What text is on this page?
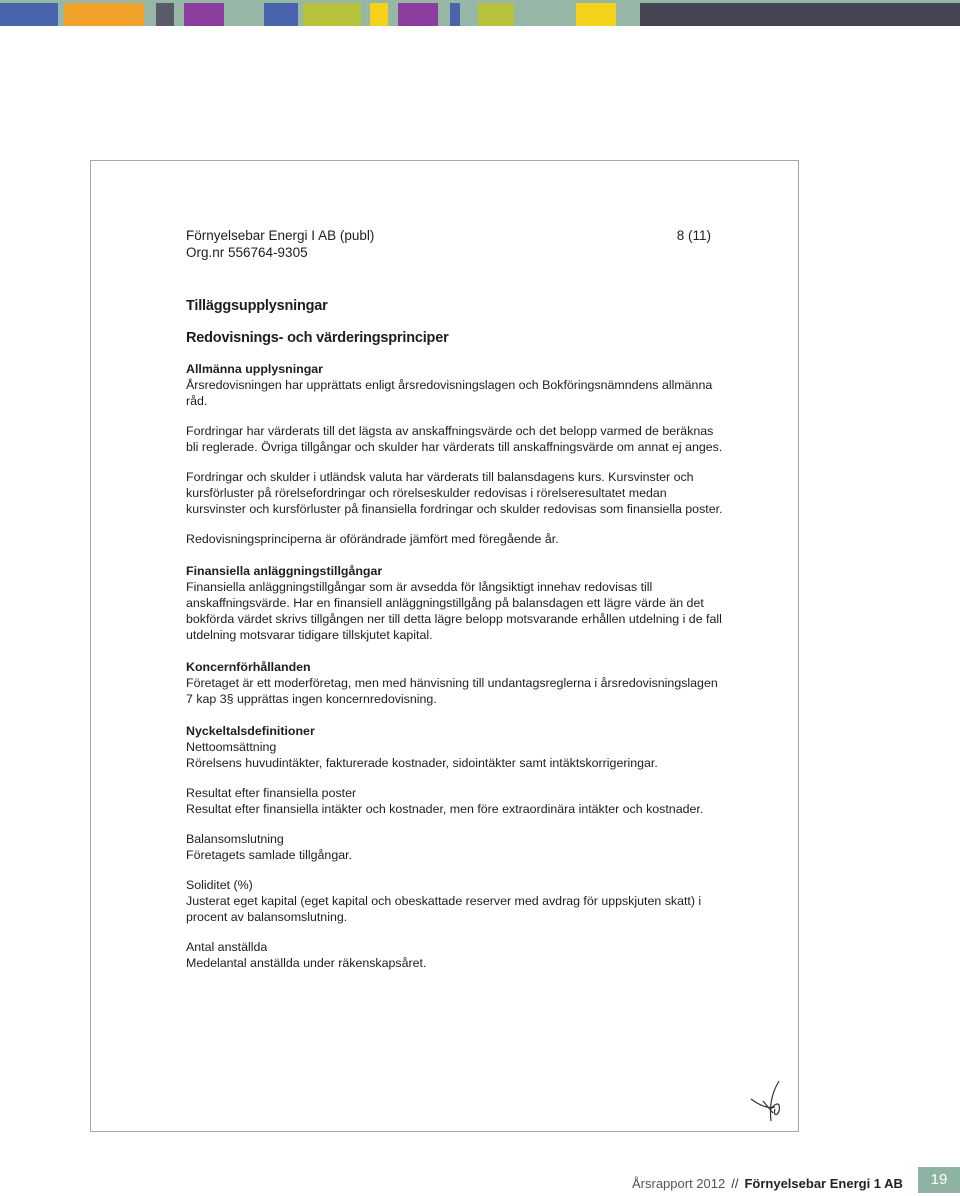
8 (11)
Förnyelsebar Energi I AB (publ)
Org.nr 556764-9305
Tilläggsupplysningar
Redovisnings- och värderingsprinciper
Allmänna upplysningar

Årsredovisningen har upprättats enligt årsredovisningslagen och Bokföringsnämndens allmänna råd.

Fordringar har värderats till det lägsta av anskaffningsvärde och det belopp varmed de beräknas bli reglerade. Övriga tillgångar och skulder har värderats till anskaffningsvärde om annat ej anges.

Fordringar och skulder i utländsk valuta har värderats till balansdagens kurs. Kursvinster och kursförluster på rörelsefordringar och rörelseskulder redovisas i rörelseresultatet medan kursvinster och kursförluster på finansiella fordringar och skulder redovisas som finansiella poster.

Redovisningsprinciperna är oförändrade jämfört med föregående år.

Finansiella anläggningstillgångar

Finansiella anläggningstillgångar som är avsedda för långsiktigt innehav redovisas till anskaffningsvärde. Har en finansiell anläggningstillgång på balansdagen ett lägre värde än det bokförda värdet skrivs tillgången ner till detta lägre belopp motsvarande erhållen utdelning i de fall utdelning motsvarar tidigare tillskjutet kapital.

Koncernförhållanden

Företaget är ett moderföretag, men med hänvisning till undantagsreglerna i årsredovisningslagen 7 kap 3§ upprättas ingen koncernredovisning.

Nyckeltalsdefinitioner
Nettoomsättning
Rörelsens huvudintäkter, fakturerade kostnader, sidointäkter samt intäktskorrigeringar.
Resultat efter finansiella poster
Resultat efter finansiella intäkter och kostnader, men före extraordinära intäkter och kostnader.
Balansomslutning
Företagets samlade tillgångar.
Soliditet (%)
Justerat eget kapital (eget kapital och obeskattade reserver med avdrag för uppskjuten skatt) i procent av balansomslutning.
Antal anställda
Medelantal anställda under räkenskapsåret.
Årsrapport 2012 // Förnyelsebar Energi 1 AB	19
